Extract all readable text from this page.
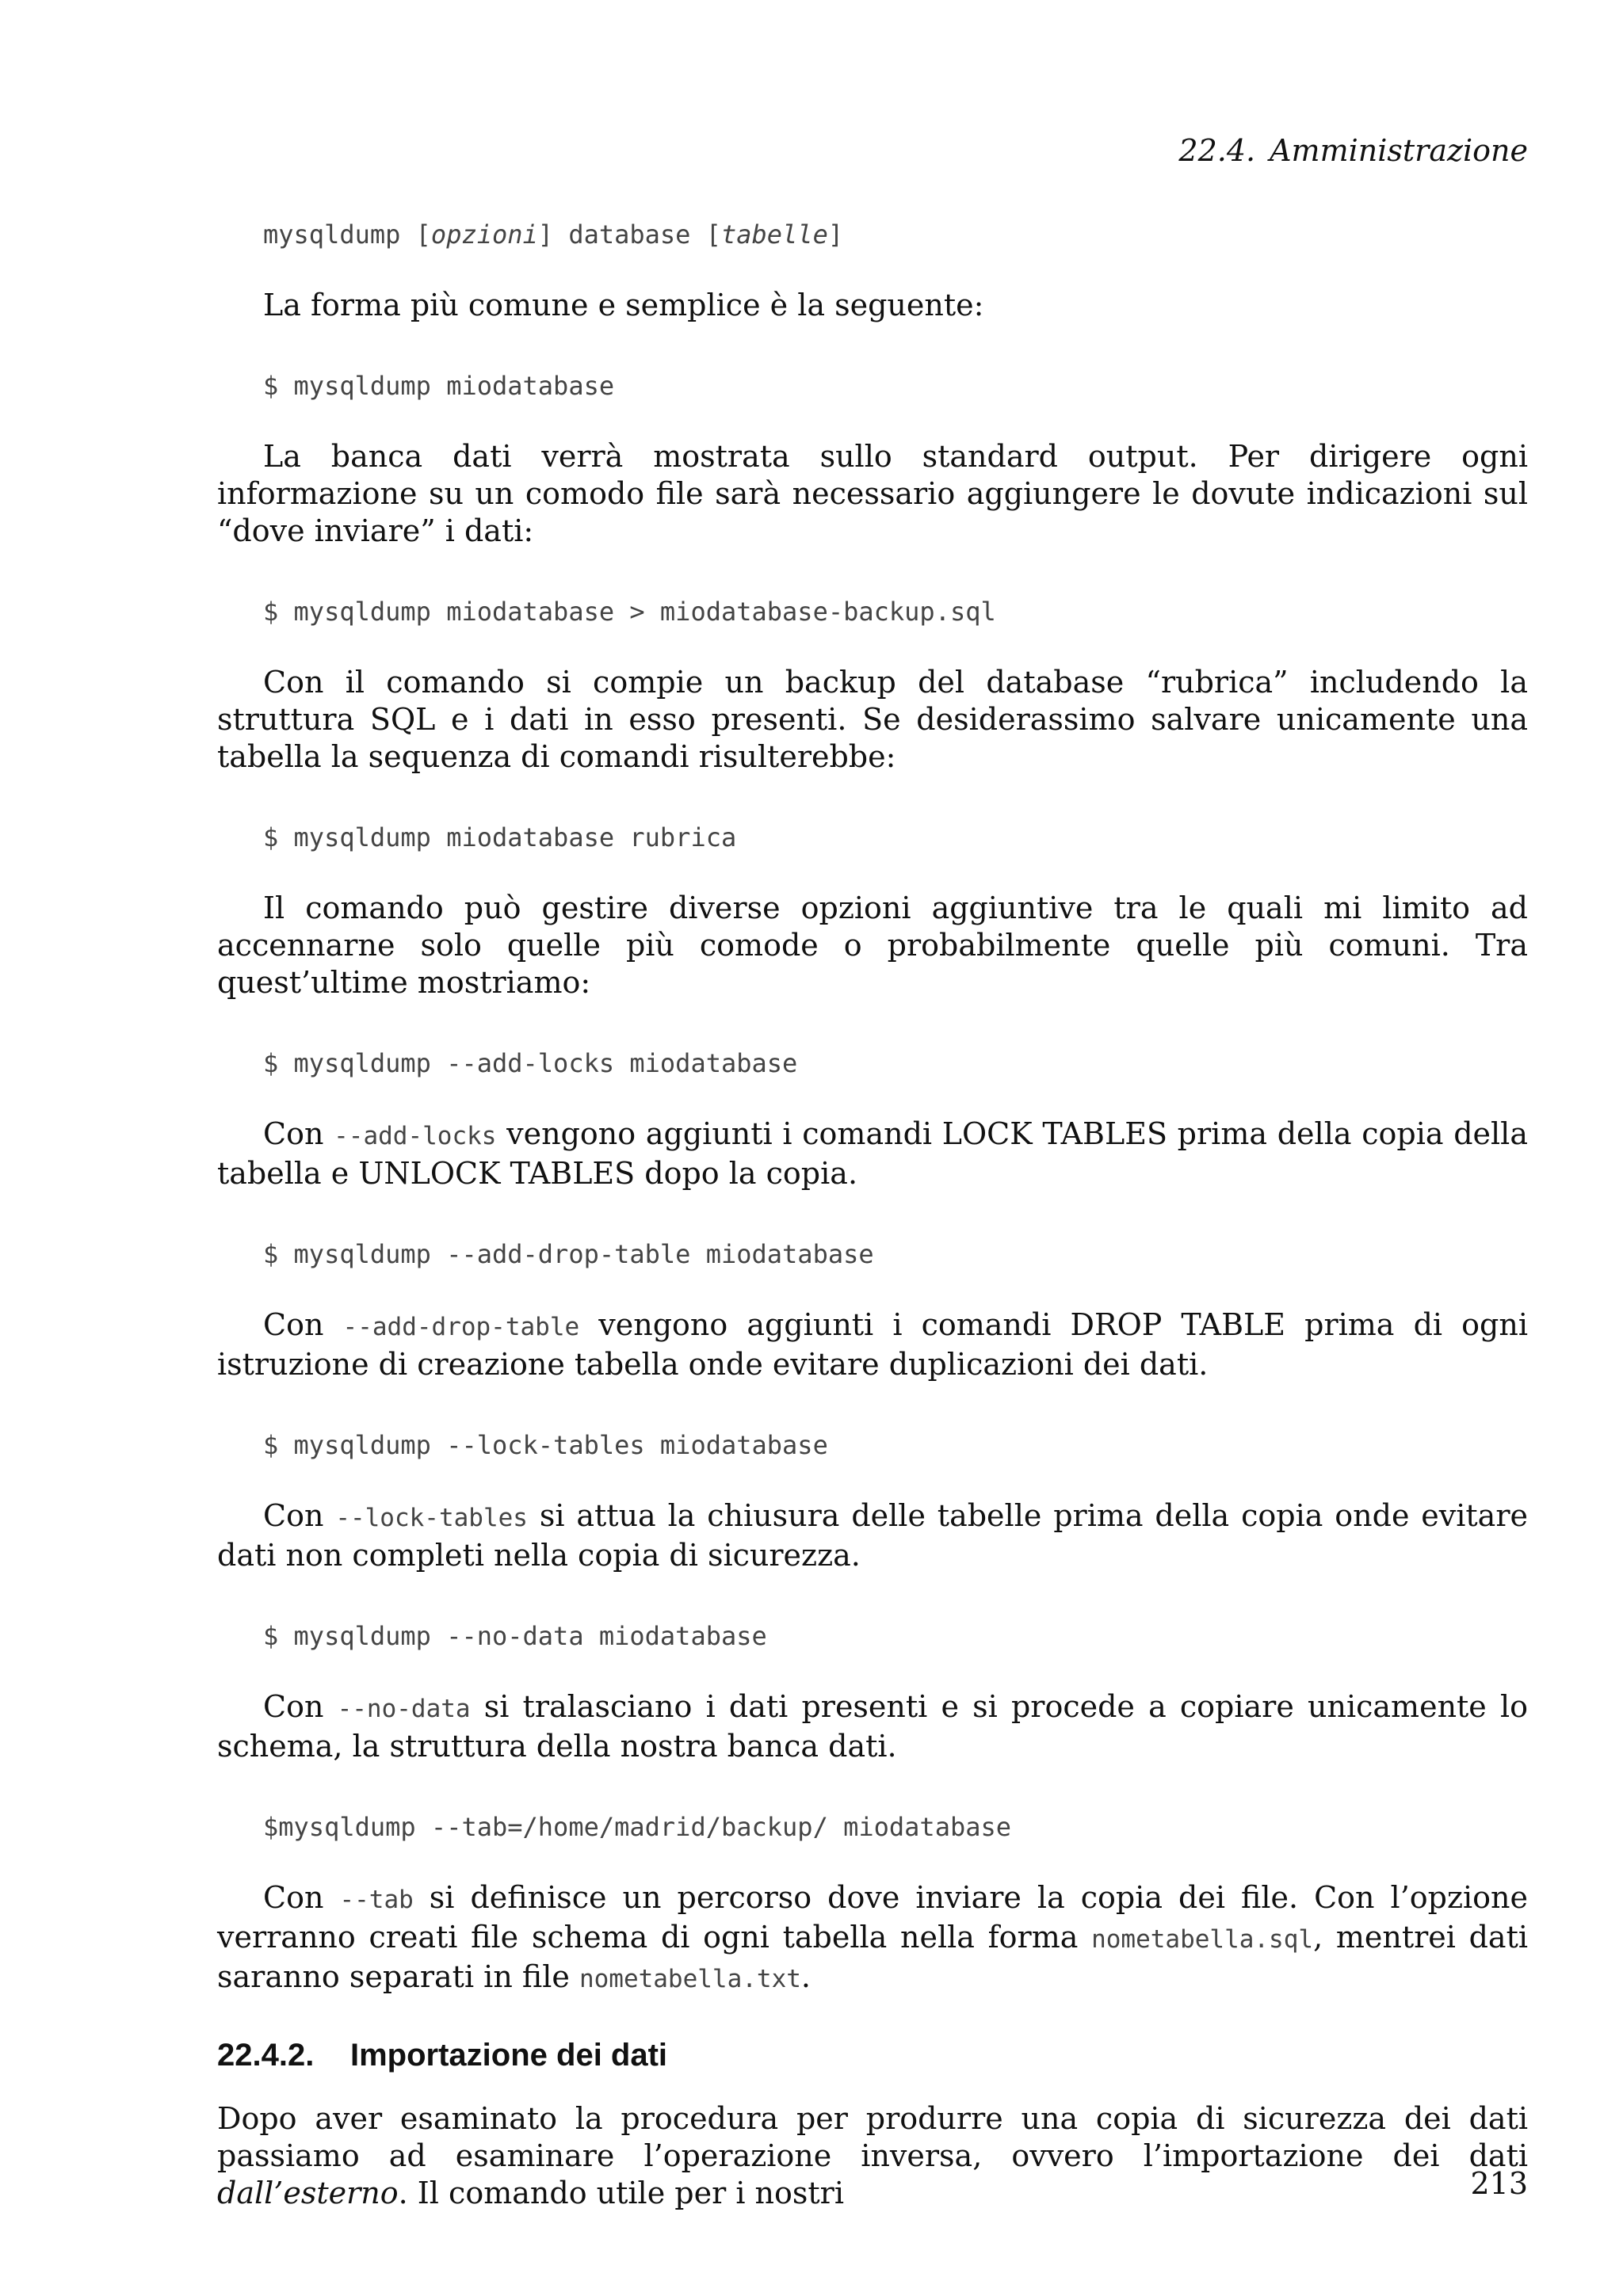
22.4. Amministrazione
mysqldump [opzioni] database [tabelle]

La forma più comune e semplice è la seguente:

$ mysqldump miodatabase

La banca dati verrà mostrata sullo standard output. Per dirigere ogni informazione su un comodo file sarà necessario aggiungere le dovute indicazioni sul “dove inviare” i dati:

$ mysqldump miodatabase > miodatabase-backup.sql

Con il comando si compie un backup del database “rubrica” includendo la struttura SQL e i dati in esso presenti. Se desiderassimo salvare unicamente una tabella la sequenza di comandi risulterebbe:

$ mysqldump miodatabase rubrica

Il comando può gestire diverse opzioni aggiuntive tra le quali mi limito ad accennarne solo quelle più comode o probabilmente quelle più comuni. Tra quest’ultime mostriamo:

$ mysqldump --add-locks miodatabase

Con --add-locks vengono aggiunti i comandi LOCK TABLES prima della copia della tabella e UNLOCK TABLES dopo la copia.

$ mysqldump --add-drop-table miodatabase

Con --add-drop-table vengono aggiunti i comandi DROP TABLE prima di ogni istruzione di creazione tabella onde evitare duplicazioni dei dati.

$ mysqldump --lock-tables miodatabase

Con --lock-tables si attua la chiusura delle tabelle prima della copia onde evitare dati non completi nella copia di sicurezza.

$ mysqldump --no-data miodatabase

Con --no-data si tralasciano i dati presenti e si procede a copiare unicamente lo schema, la struttura della nostra banca dati.

$mysqldump --tab=/home/madrid/backup/ miodatabase

Con --tab si definisce un percorso dove inviare la copia dei file. Con l’opzione verranno creati file schema di ogni tabella nella forma nometabella.sql, mentrei dati saranno separati in file nometabella.txt.

22.4.2. Importazione dei dati

Dopo aver esaminato la procedura per produrre una copia di sicurezza dei dati passiamo ad esaminare l’operazione inversa, ovvero l’importazione dei dati dall’esterno. Il comando utile per i nostri	213
